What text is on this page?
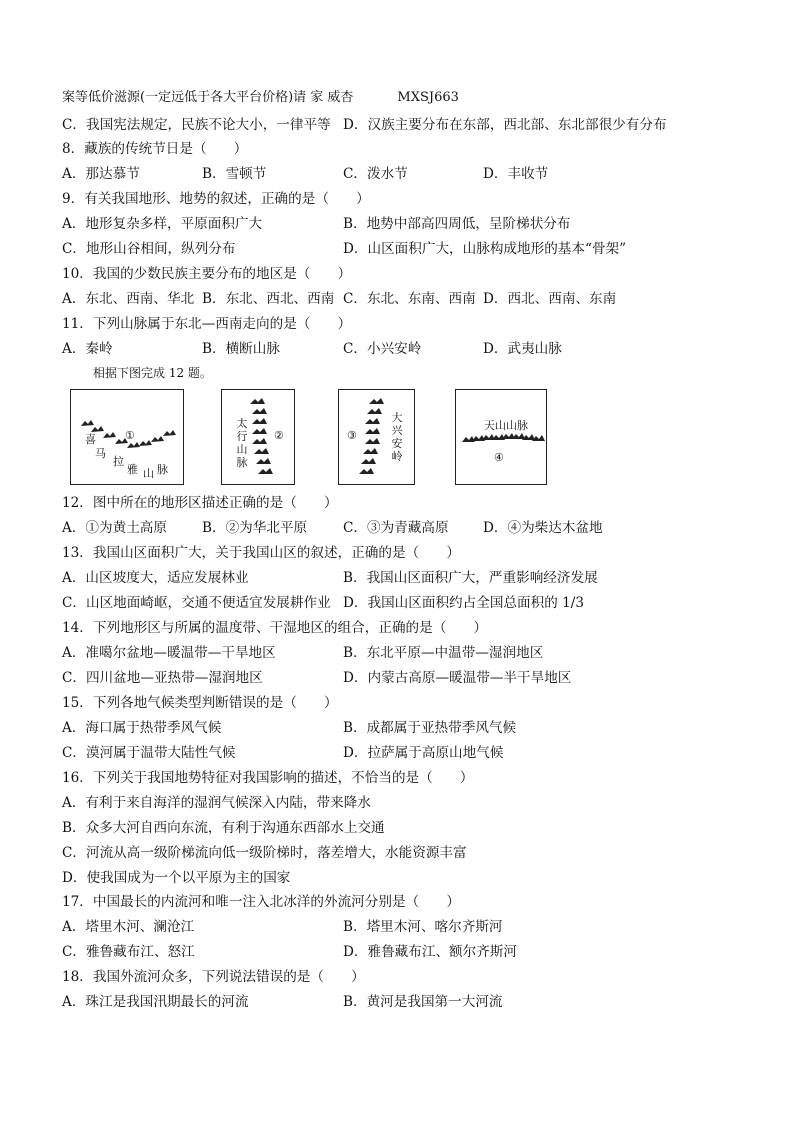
案等低价滋源(一定远低于各大平台价格)请 家 威杏	MXSJ663
C．我国宪法规定，民族不论大小，一律平等 D．汉族主要分布在东部，西北部、东北部很少有分布
8．藏族的传统节日是（　　）
A．那达慕节	B．雪顿节	C．泼水节	D．丰收节
9．有关我国地形、地势的叙述，正确的是（　　）
A．地形复杂多样，平原面积广大	B．地势中部高四周低，呈阶梯状分布
C．地形山谷相间，纵列分布	D．山区面积广大，山脉构成地形的基本“骨架”
10．我国的少数民族主要分布的地区是（　　）
A．东北、西南、华北 B．东北、西北、西南 C．东北、东南、西南 D．西北、西南、东南
11．下列山脉属于东北—西南走向的是（　　）
A．秦岭	B．横断山脉	C．小兴安岭	D．武夷山脉
相据下图完成 12 题。
①
喜
马
拉
雅 山 脉
太
行
山
脉
②	③
大
兴
安
岭
天山山脉
④
12．图中所在的地形区描述正确的是（　　）
A．①为黄土高原	B．②为华北平原	C．③为青藏高原	D．④为柴达木盆地
13．我国山区面积广大，关于我国山区的叙述，正确的是（　　）
A．山区坡度大，适应发展林业	B．我国山区面积广大，严重影响经济发展
C．山区地面崎岖，交通不便适宜发展耕作业 D．我国山区面积约占全国总面积的 1/3
14．下列地形区与所属的温度带、干湿地区的组合，正确的是（　　）
A．准噶尔盆地—暖温带—干旱地区	B．东北平原—中温带—湿润地区
C．四川盆地—亚热带—湿润地区	D．内蒙古高原—暖温带—半干旱地区
15．下列各地气候类型判断错误的是（　　）
A．海口属于热带季风气候	B．成都属于亚热带季风气候
C．漠河属于温带大陆性气候	D．拉萨属于高原山地气候
16．下列关于我国地势特征对我国影响的描述，不恰当的是（　　）
A．有利于来自海洋的湿润气候深入内陆，带来降水
B．众多大河自西向东流，有利于沟通东西部水上交通
C．河流从高一级阶梯流向低一级阶梯时，落差增大，水能资源丰富
D．使我国成为一个以平原为主的国家
17．中国最长的内流河和唯一注入北冰洋的外流河分别是（　　）
A．塔里木河、澜沧江	B．塔里木河、喀尔齐斯河
C．雅鲁藏布江、怒江	D．雅鲁藏布江、额尔齐斯河
18．我国外流河众多，下列说法错误的是（　　）
A．珠江是我国汛期最长的河流	B．黄河是我国第一大河流
